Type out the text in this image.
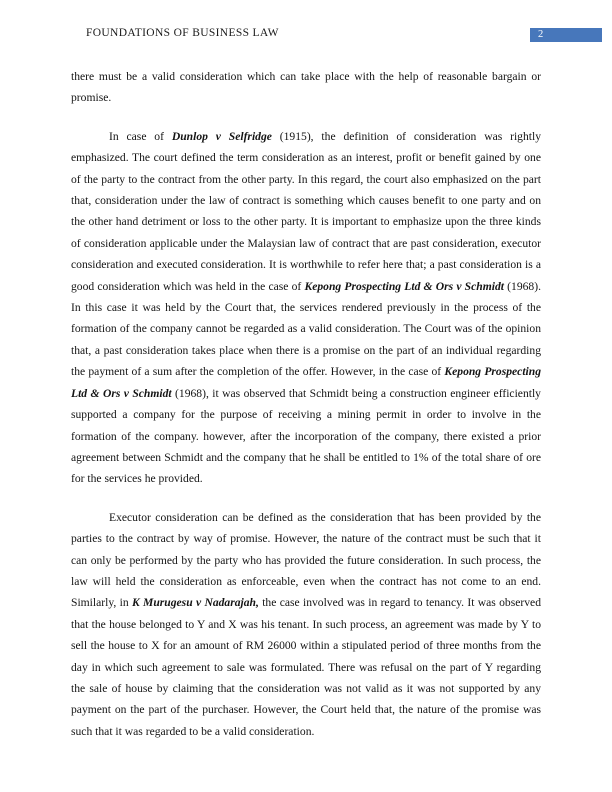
FOUNDATIONS OF BUSINESS LAW	2

there must be a valid consideration which can take place with the help of reasonable bargain or promise.

In case of Dunlop v Selfridge (1915), the definition of consideration was rightly emphasized. The court defined the term consideration as an interest, profit or benefit gained by one of the party to the contract from the other party. In this regard, the court also emphasized on the part that, consideration under the law of contract is something which causes benefit to one party and on the other hand detriment or loss to the other party. It is important to emphasize upon the three kinds of consideration applicable under the Malaysian law of contract that are past consideration, executor consideration and executed consideration. It is worthwhile to refer here that; a past consideration is a good consideration which was held in the case of Kepong Prospecting Ltd & Ors v Schmidt (1968). In this case it was held by the Court that, the services rendered previously in the process of the formation of the company cannot be regarded as a valid consideration. The Court was of the opinion that, a past consideration takes place when there is a promise on the part of an individual regarding the payment of a sum after the completion of the offer. However, in the case of Kepong Prospecting Ltd & Ors v Schmidt (1968), it was observed that Schmidt being a construction engineer efficiently supported a company for the purpose of receiving a mining permit in order to involve in the formation of the company. however, after the incorporation of the company, there existed a prior agreement between Schmidt and the company that he shall be entitled to 1% of the total share of ore for the services he provided.

Executor consideration can be defined as the consideration that has been provided by the parties to the contract by way of promise. However, the nature of the contract must be such that it can only be performed by the party who has provided the future consideration. In such process, the law will held the consideration as enforceable, even when the contract has not come to an end. Similarly, in K Murugesu v Nadarajah, the case involved was in regard to tenancy. It was observed that the house belonged to Y and X was his tenant. In such process, an agreement was made by Y to sell the house to X for an amount of RM 26000 within a stipulated period of three months from the day in which such agreement to sale was formulated. There was refusal on the part of Y regarding the sale of house by claiming that the consideration was not valid as it was not supported by any payment on the part of the purchaser. However, the Court held that, the nature of the promise was such that it was regarded to be a valid consideration.
